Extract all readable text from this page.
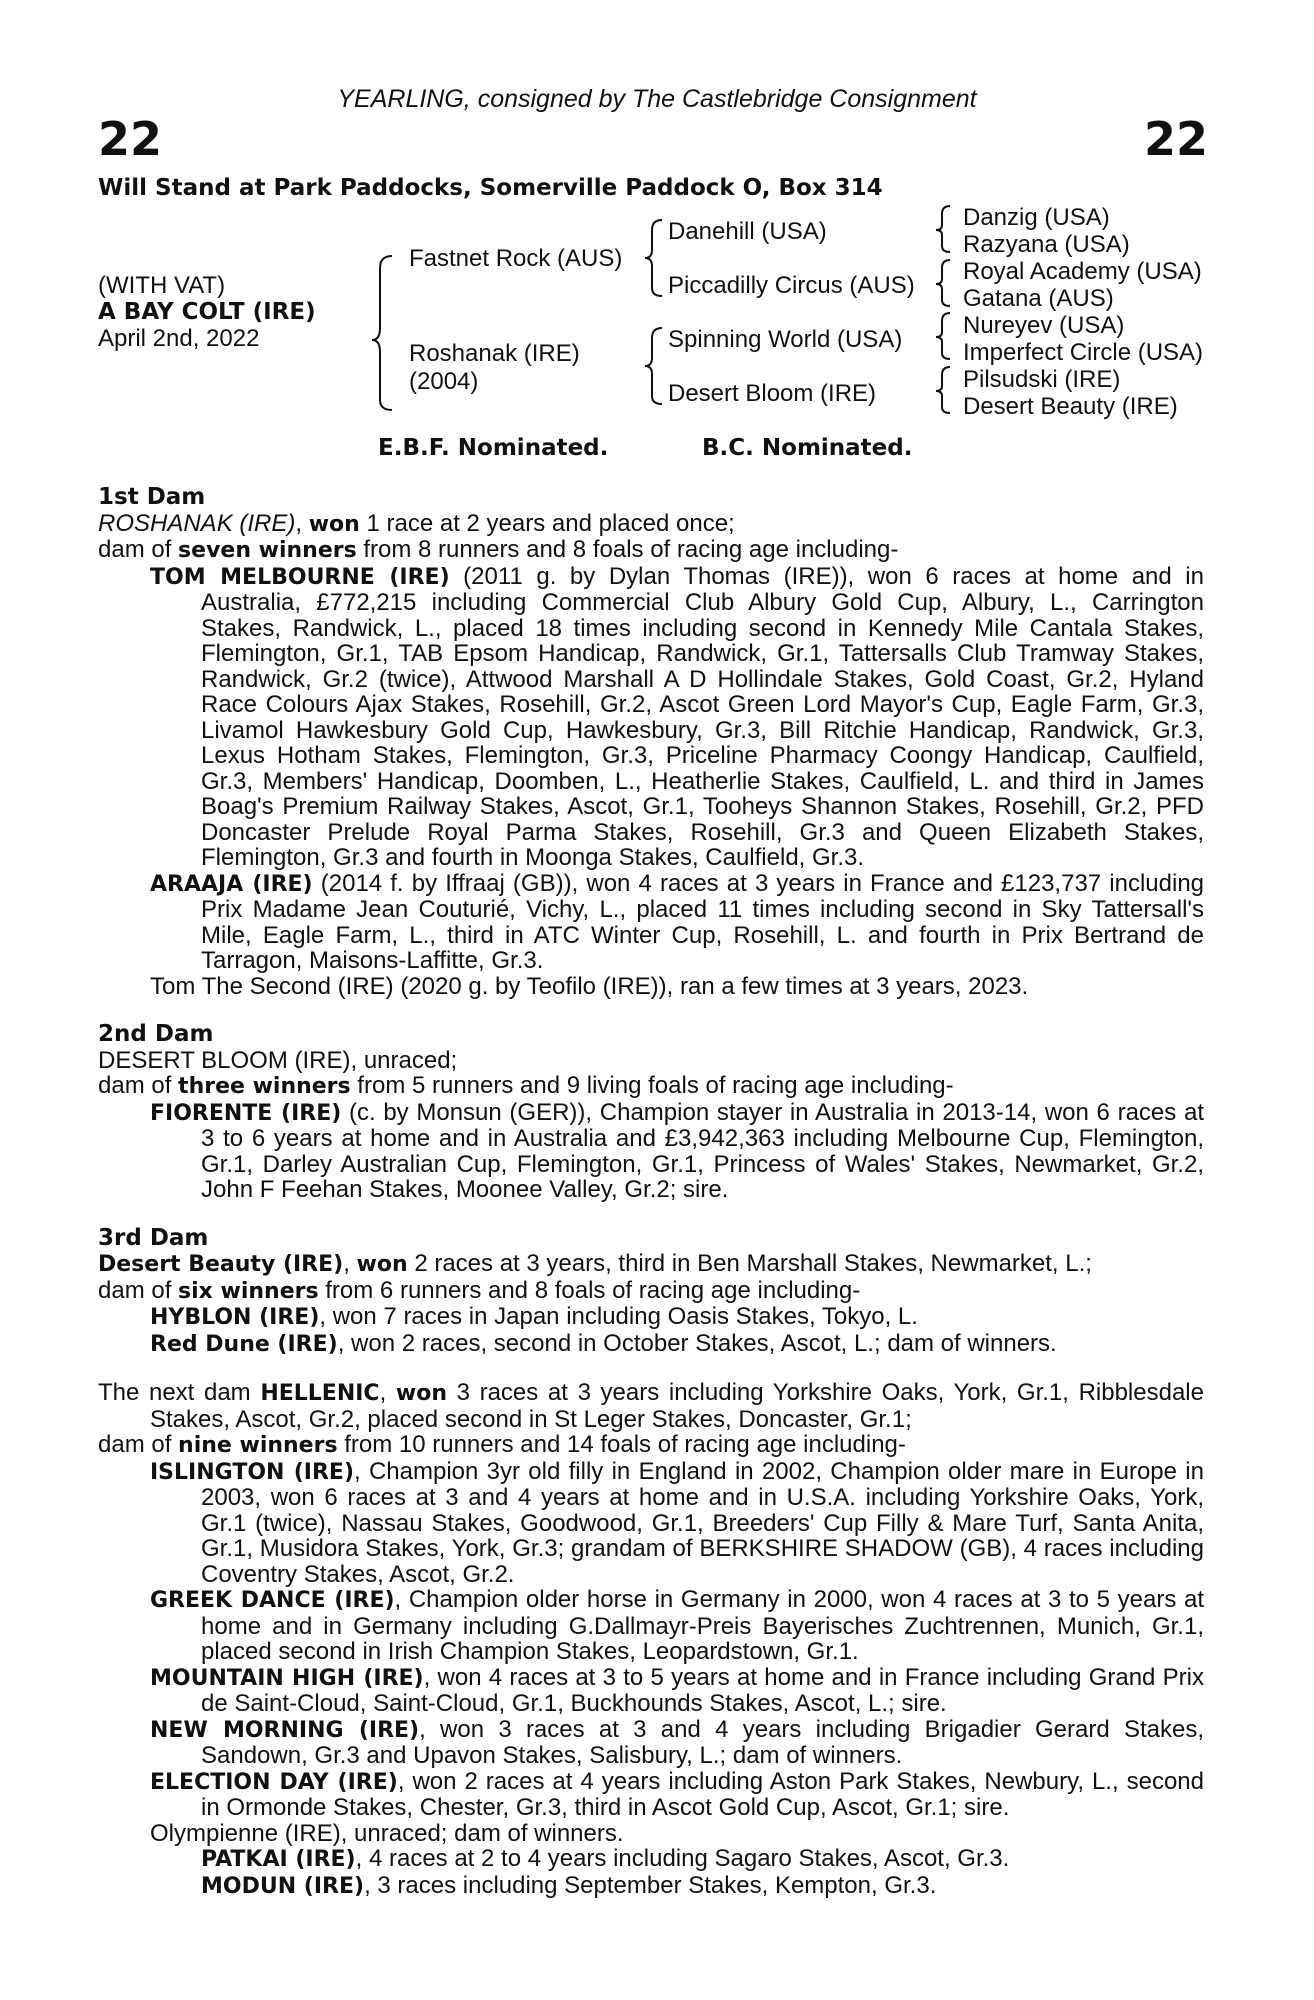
YEARLING, consigned by The Castlebridge Consignment
22	22
Will Stand at Park Paddocks, Somerville Paddock O, Box 314
(WITH VAT)
A BAY COLT (IRE)
April 2nd, 2022
Fastnet Rock (AUS)
Roshanak (IRE)
(2004)
Danehill (USA)
Piccadilly Circus (AUS)
Spinning World (USA)
Desert Bloom (IRE)
Danzig (USA)
Razyana (USA)
Royal Academy (USA)
Gatana (AUS)
Nureyev (USA)
Imperfect Circle (USA)
Pilsudski (IRE)
Desert Beauty (IRE)
E.B.F. Nominated.	B.C. Nominated.
1st Dam

ROSHANAK (IRE), won 1 race at 2 years and placed once;

dam of seven winners from 8 runners and 8 foals of racing age including-

TOM MELBOURNE (IRE) (2011 g. by Dylan Thomas (IRE)), won 6 races at home and in Australia, £772,215 including Commercial Club Albury Gold Cup, Albury, L., Carrington Stakes, Randwick, L., placed 18 times including second in Kennedy Mile Cantala Stakes, Flemington, Gr.1, TAB Epsom Handicap, Randwick, Gr.1, Tattersalls Club Tramway Stakes, Randwick, Gr.2 (twice), Attwood Marshall A D Hollindale Stakes, Gold Coast, Gr.2, Hyland Race Colours Ajax Stakes, Rosehill, Gr.2, Ascot Green Lord Mayor's Cup, Eagle Farm, Gr.3, Livamol Hawkesbury Gold Cup, Hawkesbury, Gr.3, Bill Ritchie Handicap, Randwick, Gr.3, Lexus Hotham Stakes, Flemington, Gr.3, Priceline Pharmacy Coongy Handicap, Caulfield, Gr.3, Members' Handicap, Doomben, L., Heatherlie Stakes, Caulfield, L. and third in James Boag's Premium Railway Stakes, Ascot, Gr.1, Tooheys Shannon Stakes, Rosehill, Gr.2, PFD Doncaster Prelude Royal Parma Stakes, Rosehill, Gr.3 and Queen Elizabeth Stakes, Flemington, Gr.3 and fourth in Moonga Stakes, Caulfield, Gr.3.

ARAAJA (IRE) (2014 f. by Iffraaj (GB)), won 4 races at 3 years in France and £123,737 including Prix Madame Jean Couturié, Vichy, L., placed 11 times including second in Sky Tattersall's Mile, Eagle Farm, L., third in ATC Winter Cup, Rosehill, L. and fourth in Prix Bertrand de Tarragon, Maisons-Laffitte, Gr.3.

Tom The Second (IRE) (2020 g. by Teofilo (IRE)), ran a few times at 3 years, 2023.

2nd Dam

DESERT BLOOM (IRE), unraced;

dam of three winners from 5 runners and 9 living foals of racing age including-

FIORENTE (IRE) (c. by Monsun (GER)), Champion stayer in Australia in 2013-14, won 6 races at 3 to 6 years at home and in Australia and £3,942,363 including Melbourne Cup, Flemington, Gr.1, Darley Australian Cup, Flemington, Gr.1, Princess of Wales' Stakes, Newmarket, Gr.2, John F Feehan Stakes, Moonee Valley, Gr.2; sire.

3rd Dam

Desert Beauty (IRE), won 2 races at 3 years, third in Ben Marshall Stakes, Newmarket, L.;

dam of six winners from 6 runners and 8 foals of racing age including-

HYBLON (IRE), won 7 races in Japan including Oasis Stakes, Tokyo, L.

Red Dune (IRE), won 2 races, second in October Stakes, Ascot, L.; dam of winners.

The next dam HELLENIC, won 3 races at 3 years including Yorkshire Oaks, York, Gr.1, Ribblesdale Stakes, Ascot, Gr.2, placed second in St Leger Stakes, Doncaster, Gr.1;

dam of nine winners from 10 runners and 14 foals of racing age including-

ISLINGTON (IRE), Champion 3yr old filly in England in 2002, Champion older mare in Europe in 2003, won 6 races at 3 and 4 years at home and in U.S.A. including Yorkshire Oaks, York, Gr.1 (twice), Nassau Stakes, Goodwood, Gr.1, Breeders' Cup Filly & Mare Turf, Santa Anita, Gr.1, Musidora Stakes, York, Gr.3; grandam of BERKSHIRE SHADOW (GB), 4 races including Coventry Stakes, Ascot, Gr.2.

GREEK DANCE (IRE), Champion older horse in Germany in 2000, won 4 races at 3 to 5 years at home and in Germany including G.Dallmayr-Preis Bayerisches Zuchtrennen, Munich, Gr.1, placed second in Irish Champion Stakes, Leopardstown, Gr.1.

MOUNTAIN HIGH (IRE), won 4 races at 3 to 5 years at home and in France including Grand Prix de Saint-Cloud, Saint-Cloud, Gr.1, Buckhounds Stakes, Ascot, L.; sire.

NEW MORNING (IRE), won 3 races at 3 and 4 years including Brigadier Gerard Stakes, Sandown, Gr.3 and Upavon Stakes, Salisbury, L.; dam of winners.

ELECTION DAY (IRE), won 2 races at 4 years including Aston Park Stakes, Newbury, L., second in Ormonde Stakes, Chester, Gr.3, third in Ascot Gold Cup, Ascot, Gr.1; sire.

Olympienne (IRE), unraced; dam of winners.

PATKAI (IRE), 4 races at 2 to 4 years including Sagaro Stakes, Ascot, Gr.3.

MODUN (IRE), 3 races including September Stakes, Kempton, Gr.3.
